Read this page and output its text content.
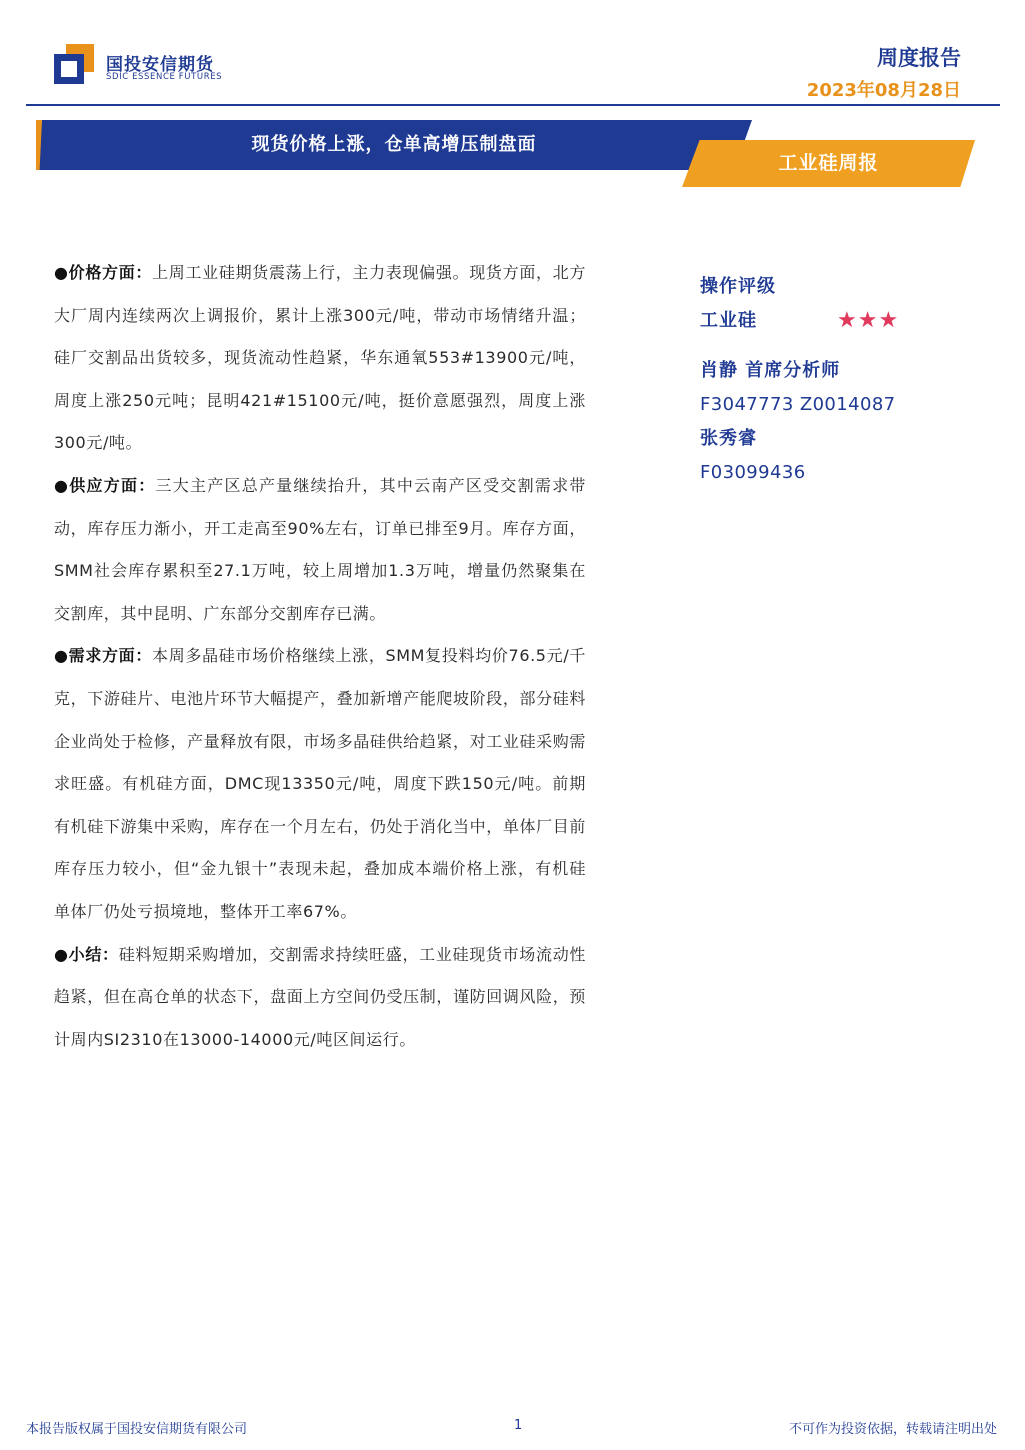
国投安信期货
SDIC ESSENCE FUTURES
周度报告
2023年08月28日
现货价格上涨，仓单高增压制盘面
工业硅周报

●价格方面：上周工业硅期货震荡上行，主力表现偏强。现货方面，北方大厂周内连续两次上调报价，累计上涨300元/吨，带动市场情绪升温；硅厂交割品出货较多，现货流动性趋紧，华东通氧553#13900元/吨，周度上涨250元吨；昆明421#15100元/吨，挺价意愿强烈，周度上涨300元/吨。

●供应方面：三大主产区总产量继续抬升，其中云南产区受交割需求带动，库存压力渐小，开工走高至90%左右，订单已排至9月。库存方面，SMM社会库存累积至27.1万吨，较上周增加1.3万吨，增量仍然聚集在交割库，其中昆明、广东部分交割库存已满。

●需求方面：本周多晶硅市场价格继续上涨，SMM复投料均价76.5元/千克，下游硅片、电池片环节大幅提产，叠加新增产能爬坡阶段，部分硅料企业尚处于检修，产量释放有限，市场多晶硅供给趋紧，对工业硅采购需求旺盛。有机硅方面，DMC现13350元/吨，周度下跌150元/吨。前期有机硅下游集中采购，库存在一个月左右，仍处于消化当中，单体厂目前库存压力较小，但“金九银十”表现未起，叠加成本端价格上涨，有机硅单体厂仍处亏损境地，整体开工率67%。

●小结：硅料短期采购增加，交割需求持续旺盛，工业硅现货市场流动性趋紧，但在高仓单的状态下，盘面上方空间仍受压制，谨防回调风险，预计周内SI2310在13000-14000元/吨区间运行。

操作评级
工业硅	★★★
肖静 首席分析师
F3047773 Z0014087
张秀睿
F03099436
本报告版权属于国投安信期货有限公司	1	不可作为投资依据，转载请注明出处
